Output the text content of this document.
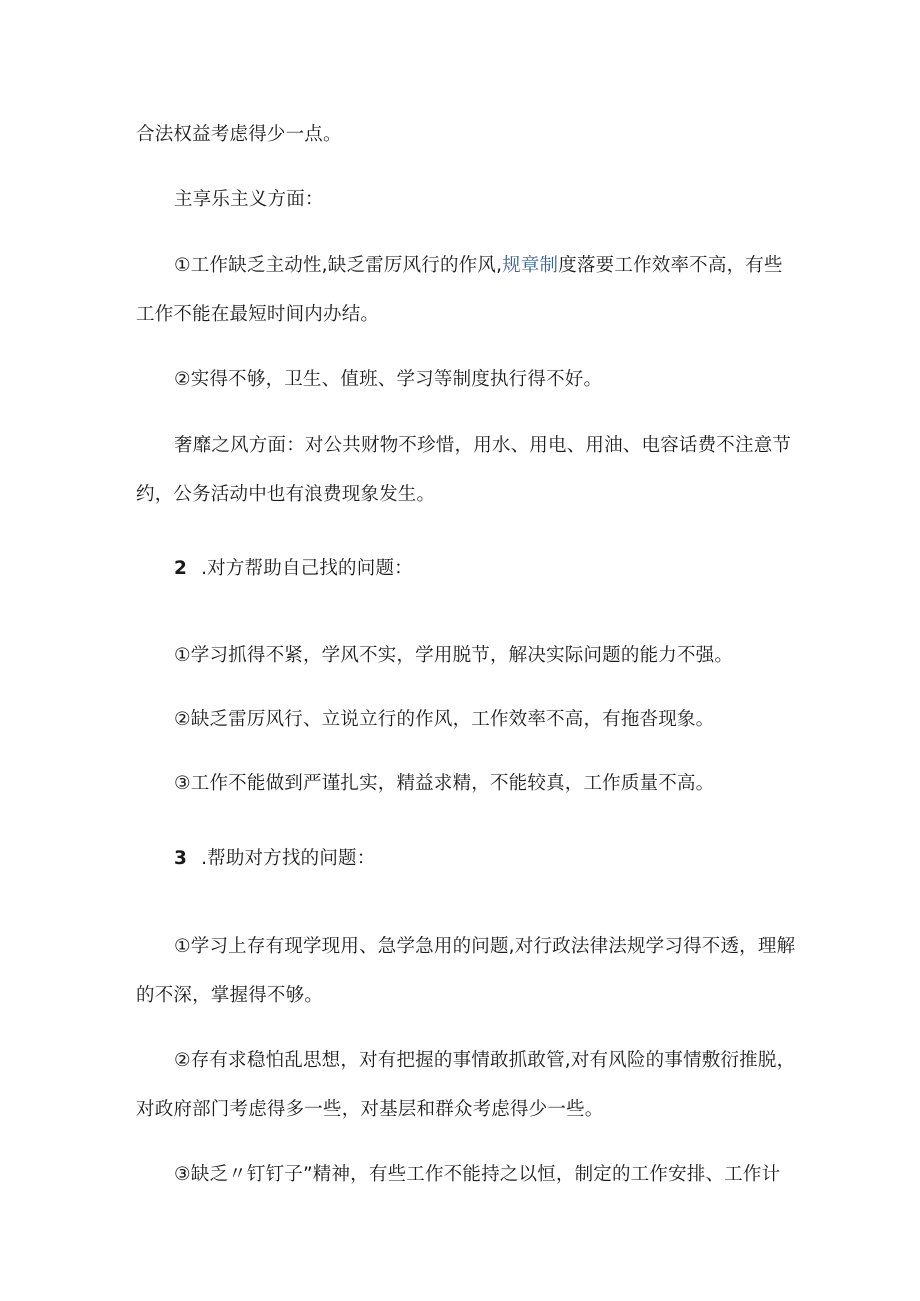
合法权益考虑得少一点。
主享乐主义方面：
①工作缺乏主动性,缺乏雷厉风行的作风,规章制度落要工作效率不高，有些
工作不能在最短时间内办结。
②实得不够，卫生、值班、学习等制度执行得不好。
奢靡之风方面：对公共财物不珍惜，用水、用电、用油、电容话费不注意节
约，公务活动中也有浪费现象发生。
2 .对方帮助自己找的问题：
①学习抓得不紧，学风不实，学用脱节，解决实际问题的能力不强。
②缺乏雷厉风行、立说立行的作风，工作效率不高，有拖沓现象。
③工作不能做到严谨扎实，精益求精，不能较真，工作质量不高。
3 .帮助对方找的问题：
①学习上存有现学现用、急学急用的问题,对行政法律法规学习得不透，理解
的不深，掌握得不够。
②存有求稳怕乱思想，对有把握的事情敢抓敢管,对有风险的事情敷衍推脱，
对政府部门考虑得多一些，对基层和群众考虑得少一些。
③缺乏〃钉钉子”精神，有些工作不能持之以恒，制定的工作安排、工作计
